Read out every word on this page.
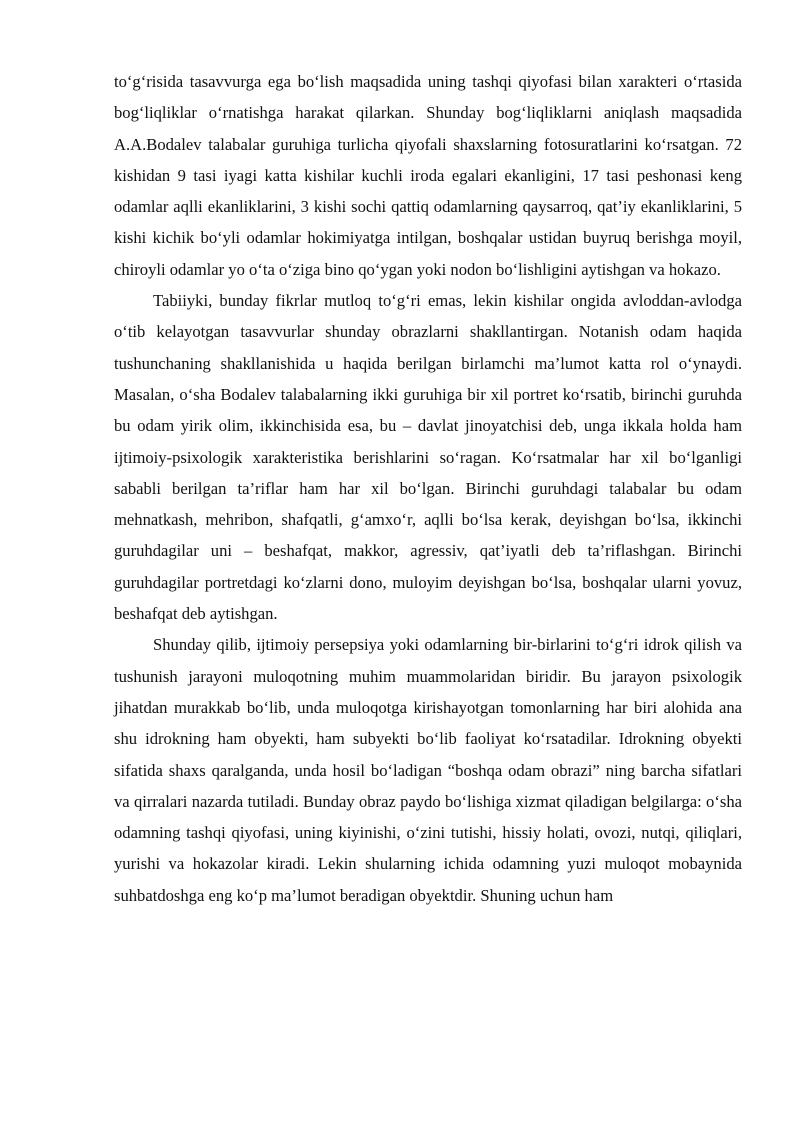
to‘g‘risida tasavvurga ega bo‘lish maqsadida uning tashqi qiyofasi bilan xarakteri o‘rtasida bog‘liqliklar o‘rnatishga harakat qilarkan. Shunday bog‘liqliklarni aniqlash maqsadida A.A.Bodalev talabalar guruhiga turlicha qiyofali shaxslarning fotosuratlarini ko‘rsatgan. 72 kishidan 9 tasi iyagi katta kishilar kuchli iroda egalari ekanligini, 17 tasi peshonasi keng odamlar aqlli ekanliklarini, 3 kishi sochi qattiq odamlarning qaysarroq, qat’iy ekanliklarini, 5 kishi kichik bo‘yli odamlar hokimiyatga intilgan, boshqalar ustidan buyruq berishga moyil, chiroyli odamlar yo o‘ta o‘ziga bino qo‘ygan yoki nodon bo‘lishligini aytishgan va hokazo.

Tabiiyki, bunday fikrlar mutloq to‘g‘ri emas, lekin kishilar ongida avloddan-avlodga o‘tib kelayotgan tasavvurlar shunday obrazlarni shakllantirgan. Notanish odam haqida tushunchaning shakllanishida u haqida berilgan birlamchi ma’lumot katta rol o‘ynaydi. Masalan, o‘sha Bodalev talabalarning ikki guruhiga bir xil portret ko‘rsatib, birinchi guruhda bu odam yirik olim, ikkinchisida esa, bu – davlat jinoyatchisi deb, unga ikkala holda ham ijtimoiy-psixologik xarakteristika berishlarini so‘ragan. Ko‘rsatmalar har xil bo‘lganligi sababli berilgan ta’riflar ham har xil bo‘lgan. Birinchi guruhdagi talabalar bu odam mehnatkash, mehribon, shafqatli, g‘amxo‘r, aqlli bo‘lsa kerak, deyishgan bo‘lsa, ikkinchi guruhdagilar uni – beshafqat, makkor, agressiv, qat’iyatli deb ta’riflashgan. Birinchi guruhdagilar portretdagi ko‘zlarni dono, muloyim deyishgan bo‘lsa, boshqalar ularni yovuz, beshafqat deb aytishgan.

Shunday qilib, ijtimoiy persepsiya yoki odamlarning bir-birlarini to‘g‘ri idrok qilish va tushunish jarayoni muloqotning muhim muammolaridan biridir. Bu jarayon psixologik jihatdan murakkab bo‘lib, unda muloqotga kirishayotgan tomonlarning har biri alohida ana shu idrokning ham obyekti, ham subyekti bo‘lib faoliyat ko‘rsatadilar. Idrokning obyekti sifatida shaxs qaralganda, unda hosil bo‘ladigan “boshqa odam obrazi” ning barcha sifatlari va qirralari nazarda tutiladi. Bunday obraz paydo bo‘lishiga xizmat qiladigan belgilarga: o‘sha odamning tashqi qiyofasi, uning kiyinishi, o‘zini tutishi, hissiy holati, ovozi, nutqi, qiliqlari, yurishi va hokazolar kiradi. Lekin shularning ichida odamning yuzi muloqot mobaynida suhbatdoshga eng ko‘p ma’lumot beradigan obyektdir. Shuning uchun ham
